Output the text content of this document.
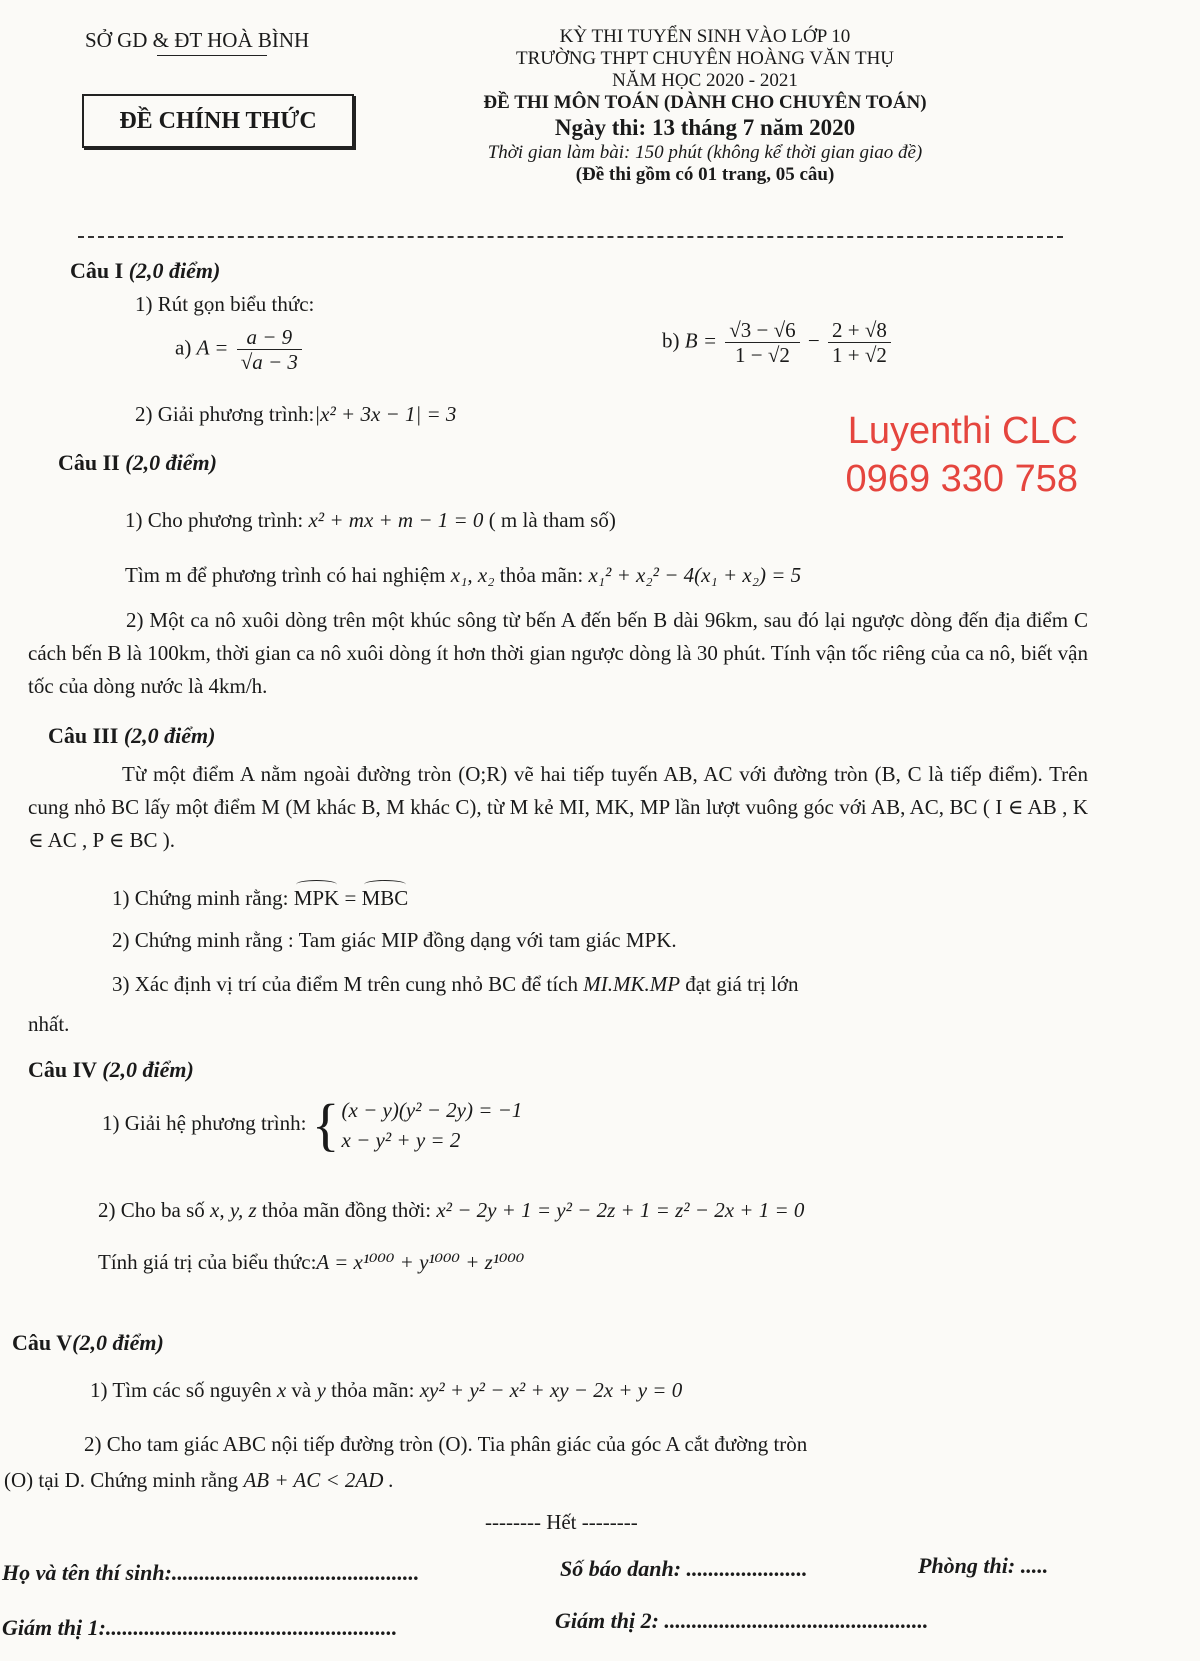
SỞ GD & ĐT HOÀ BÌNH
ĐỀ CHÍNH THỨC
KỲ THI TUYỂN SINH VÀO LỚP 10
TRƯỜNG THPT CHUYÊN HOÀNG VĂN THỤ
NĂM HỌC 2020 - 2021
ĐỀ THI MÔN TOÁN (DÀNH CHO CHUYÊN TOÁN)
Ngày thi: 13 tháng 7 năm 2020
Thời gian làm bài: 150 phút (không kể thời gian giao đề)
(Đề thi gồm có 01 trang, 05 câu)
Câu I (2,0 điểm)
1) Rút gọn biểu thức:
a) $A = \frac{a - 9}{√a - 3}$	b) $B = \frac{√3 - √6}{1 - √2} - \frac{2 + √8}{1 + √2}$
2) Giải phương trình:|x² + 3x − 1| = 3	Luyenthi CLC
0969 330 758
Câu II (2,0 điểm)
1) Cho phương trình: x² + mx + m − 1 = 0 ( m là tham số)
Tìm m để phương trình có hai nghiệm x₁, x₂ thỏa mãn: x₁² + x₂² − 4(x₁ + x₂) = 5
2) Một ca nô xuôi dòng trên một khúc sông từ bến A đến bến B dài 96km, sau đó lại ngược dòng đến địa điểm C cách bến B là 100km, thời gian ca nô xuôi dòng ít hơn thời gian ngược dòng là 30 phút. Tính vận tốc riêng của ca nô, biết vận tốc của dòng nước là 4km/h.
Câu III (2,0 điểm)
Từ một điểm A nằm ngoài đường tròn (O;R) vẽ hai tiếp tuyến AB, AC với đường tròn (B, C là tiếp điểm). Trên cung nhỏ BC lấy một điểm M (M khác B, M khác C), từ M kẻ MI, MK, MP lần lượt vuông góc với AB, AC, BC ( I ∈ AB , K ∈ AC , P ∈ BC ).
1) Chứng minh rằng: MPK = MBC
2) Chứng minh rằng : Tam giác MIP đồng dạng với tam giác MPK.
3) Xác định vị trí của điểm M trên cung nhỏ BC để tích MI.MK.MP đạt giá trị lớn
nhất.
Câu IV (2,0 điểm)
1) Giải hệ phương trình: { (x − y)(y² − 2y) = −1
x − y² + y = 2
2) Cho ba số x, y, z thỏa mãn đồng thời: x² − 2y + 1 = y² − 2z + 1 = z² − 2x + 1 = 0
Tính giá trị của biểu thức:A = x¹⁰⁰⁰ + y¹⁰⁰⁰ + z¹⁰⁰⁰
Câu V(2,0 điểm)
1) Tìm các số nguyên x và y thỏa mãn: xy² + y² − x² + xy − 2x + y = 0
2) Cho tam giác ABC nội tiếp đường tròn (O). Tia phân giác của góc A cắt đường tròn
(O) tại D. Chứng minh rằng AB + AC < 2AD .
-------- Hết --------
Họ và tên thí sinh:.............................................	Số báo danh: ......................	Phòng thi: .....
Giám thị 1:.....................................................	Giám thị 2: ................................................
